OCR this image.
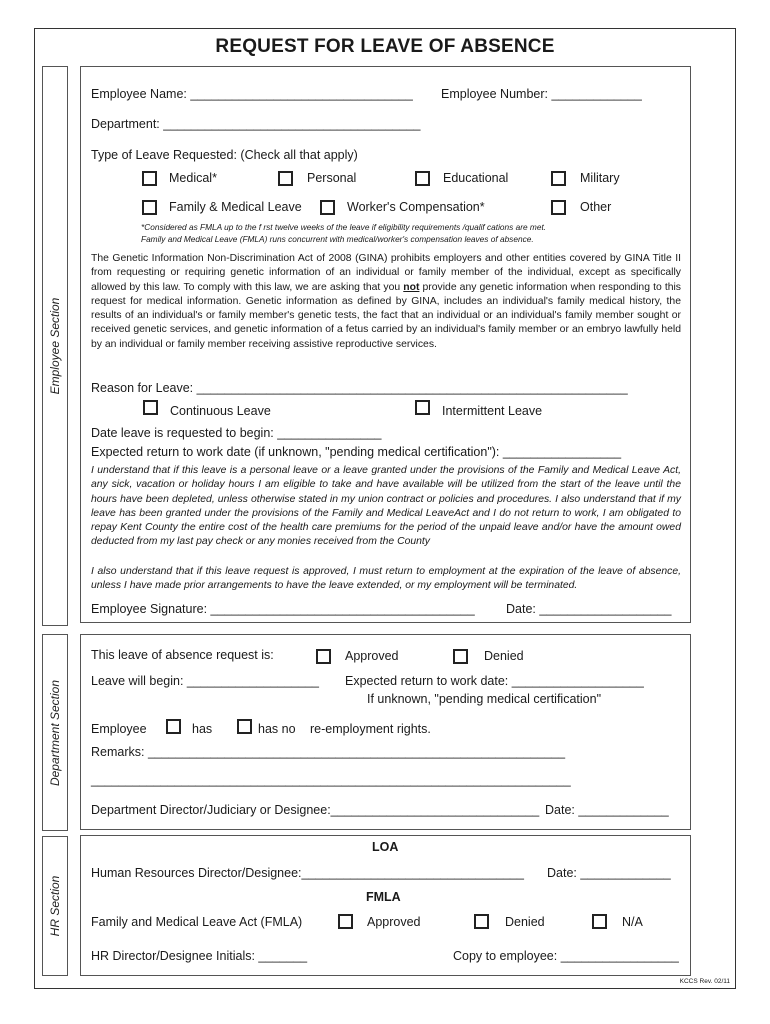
REQUEST FOR LEAVE OF ABSENCE
Employee Section
Department Section
HR Section
Employee Name: ________________________________ Employee Number: _____________
Department: _____________________________________
Type of Leave Requested: (Check all that apply)
Medical*	Personal	Educational	Military
Family & Medical Leave	Worker's Compensation*	Other
*Considered as FMLA up to the f rst twelve weeks of the leave if eligibility requirements /qualif cations are met.
Family and Medical Leave (FMLA) runs concurrent with medical/worker's compensation leaves of absence.

The Genetic Information Non-Discrimination Act of 2008 (GINA) prohibits employers and other entities covered by GINA Title II from requesting or requiring genetic information of an individual or family member of the individual, except as specifically allowed by this law. To comply with this law, we are asking that you not provide any genetic information when responding to this request for medical information. Genetic information as defined by GINA, includes an individual's family medical history, the results of an individual's or family member's genetic tests, the fact that an individual or an individual's family member sought or received genetic services, and genetic information of a fetus carried by an individual's family member or an embryo lawfully held by an individual or family member receiving assistive reproductive services.

Reason for Leave: ______________________________________________________________
Continuous Leave	Intermittent Leave
Date leave is requested to begin: _______________
Expected return to work date (if unknown, "pending medical certification"): _________________

I understand that if this leave is a personal leave or a leave granted under the provisions of the Family and Medical Leave Act, any sick, vacation or holiday hours I am eligible to take and have available will be utilized from the start of the leave until the hours have been depleted, unless otherwise stated in my union contract or policies and procedures. I also understand that if my leave has been granted under the provisions of the Family and Medical LeaveAct and I do not return to work, I am obligated to repay Kent County the entire cost of the health care premiums for the period of the unpaid leave and/or have the amount owed deducted from my last pay check or any monies received from the County

I also understand that if this leave request is approved, I must return to employment at the expiration of the leave of absence, unless I have made prior arrangements to have the leave extended, or my employment will be terminated.

Employee Signature: ______________________________________	Date: ___________________
This leave of absence request is:	Approved	Denied
Leave will begin: ___________________ Expected return to work date: ___________________
If unknown, "pending medical certification"
Employee	has	has no re-employment rights.
Remarks: ____________________________________________________________
_____________________________________________________________________
Department Director/Judiciary or Designee:______________________________ Date: _____________
LOA
Human Resources Director/Designee:________________________________ Date: _____________
FMLA
Family and Medical Leave Act (FMLA)	Approved	Denied	N/A
HR Director/Designee Initials: _______	Copy to employee: _________________
KCCS Rev. 02/11
